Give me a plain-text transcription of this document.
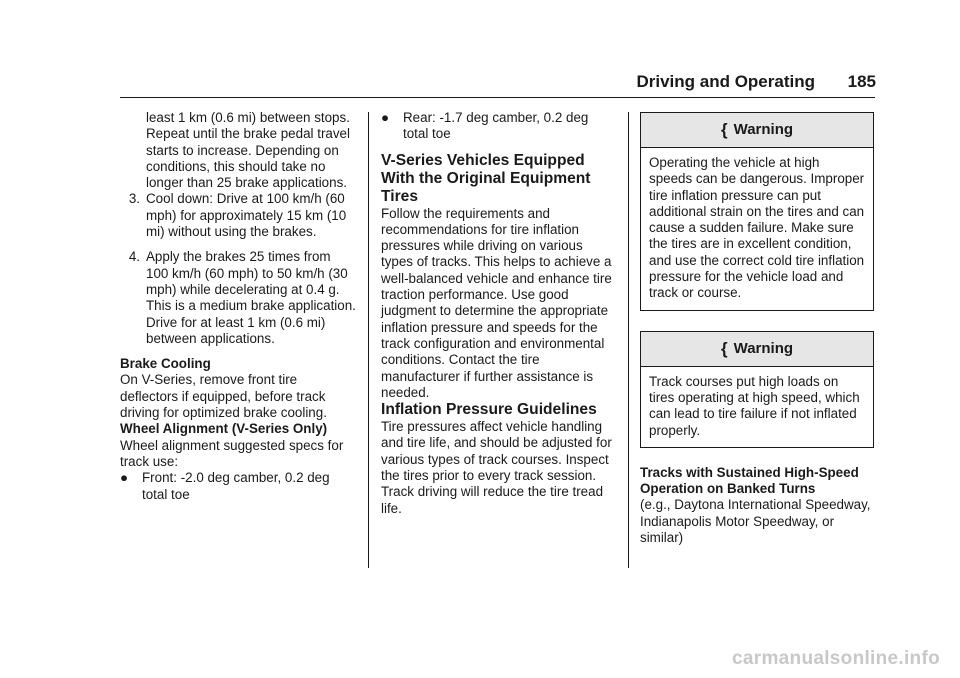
Driving and Operating 185

least 1 km (0.6 mi) between stops. Repeat until the brake pedal travel starts to increase. Depending on conditions, this should take no longer than 25 brake applications.

3. Cool down: Drive at 100 km/h (60 mph) for approximately 15 km (10 mi) without using the brakes.
4. Apply the brakes 25 times from 100 km/h (60 mph) to 50 km/h (30 mph) while decelerating at 0.4 g. This is a medium brake application. Drive for at least 1 km (0.6 mi) between applications.

Brake Cooling

On V-Series, remove front tire deflectors if equipped, before track driving for optimized brake cooling.

Wheel Alignment (V-Series Only)

Wheel alignment suggested specs for track use:

●	Front: -2.0 deg camber, 0.2 deg total toe
●	Rear: -1.7 deg camber, 0.2 deg total toe

V-Series Vehicles Equipped With the Original Equipment Tires

Follow the requirements and recommendations for tire inflation pressures while driving on various types of tracks. This helps to achieve a well-balanced vehicle and enhance tire traction performance. Use good judgment to determine the appropriate inflation pressure and speeds for the track configuration and environmental conditions. Contact the tire manufacturer if further assistance is needed.

Inflation Pressure Guidelines

Tire pressures affect vehicle handling and tire life, and should be adjusted for various types of track courses. Inspect the tires prior to every track session. Track driving will reduce the tire tread life.

{ Warning
Operating the vehicle at high speeds can be dangerous. Improper tire inflation pressure can put additional strain on the tires and can cause a sudden failure. Make sure the tires are in excellent condition, and use the correct cold tire inflation pressure for the vehicle load and track or course.
{ Warning
Track courses put high loads on tires operating at high speed, which can lead to tire failure if not inflated properly.

Tracks with Sustained High-Speed Operation on Banked Turns

(e.g., Daytona International Speedway, Indianapolis Motor Speedway, or similar)

carmanualsonline.info
